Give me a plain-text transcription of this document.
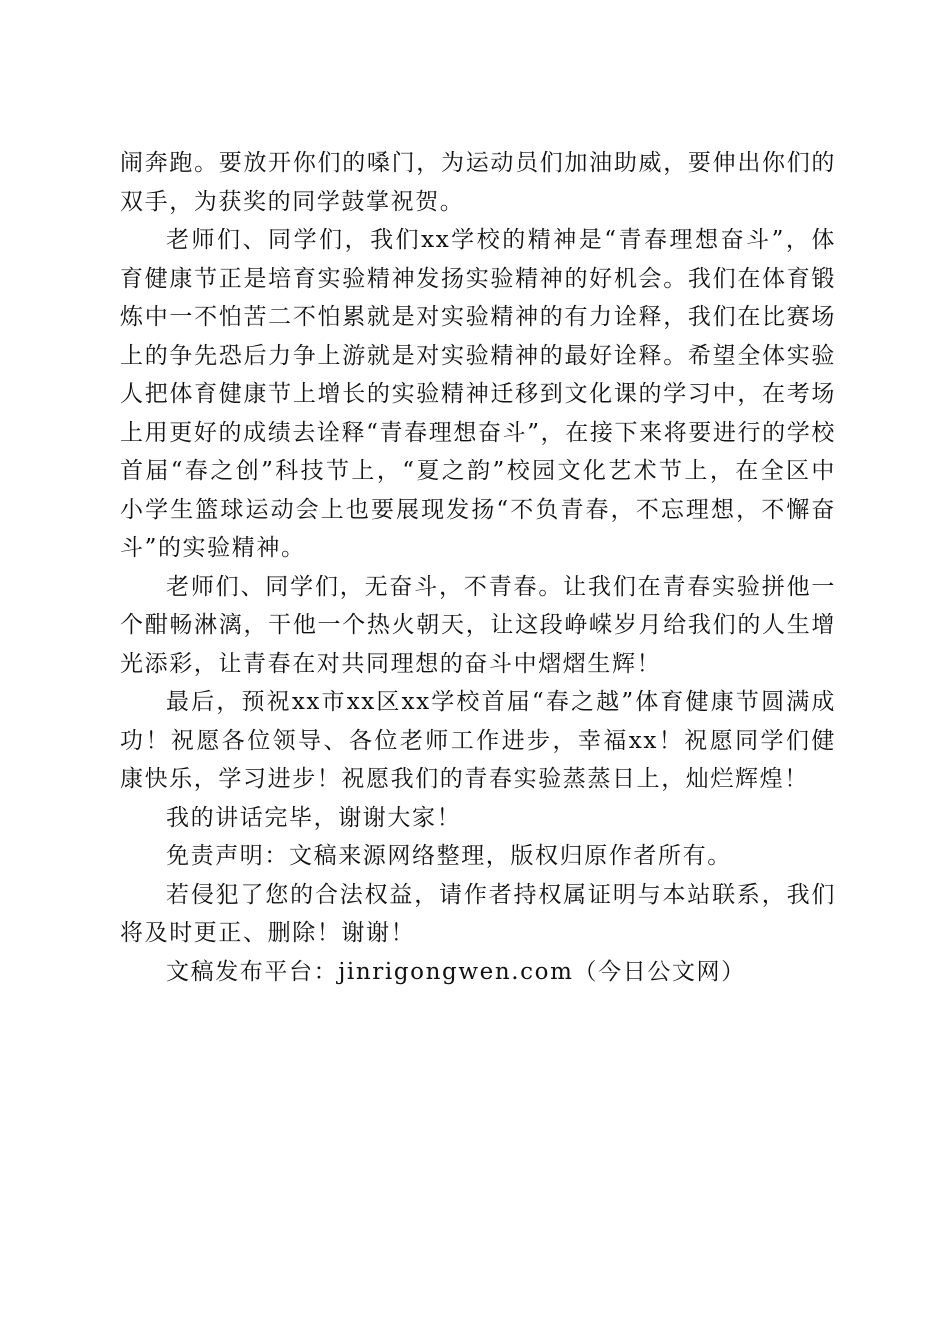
闹奔跑。要放开你们的嗓门，为运动员们加油助威，要伸出你们的双手，为获奖的同学鼓掌祝贺。

老师们、同学们，我们xx学校的精神是“青春理想奋斗”，体育健康节正是培育实验精神发扬实验精神的好机会。我们在体育锻炼中一不怕苦二不怕累就是对实验精神的有力诠释，我们在比赛场上的争先恐后力争上游就是对实验精神的最好诠释。希望全体实验人把体育健康节上增长的实验精神迁移到文化课的学习中，在考场上用更好的成绩去诠释“青春理想奋斗”，在接下来将要进行的学校首届“春之创”科技节上，“夏之韵”校园文化艺术节上，在全区中小学生篮球运动会上也要展现发扬“不负青春，不忘理想，不懈奋斗”的实验精神。

老师们、同学们，无奋斗，不青春。让我们在青春实验拼他一个酣畅淋漓，干他一个热火朝天，让这段峥嵘岁月给我们的人生增光添彩，让青春在对共同理想的奋斗中熠熠生辉！

最后，预祝xx市xx区xx学校首届“春之越”体育健康节圆满成功！祝愿各位领导、各位老师工作进步，幸福xx！祝愿同学们健康快乐，学习进步！祝愿我们的青春实验蒸蒸日上，灿烂辉煌！

我的讲话完毕，谢谢大家！

免责声明：文稿来源网络整理，版权归原作者所有。

若侵犯了您的合法权益，请作者持权属证明与本站联系，我们将及时更正、删除！谢谢！

文稿发布平台：jinrigongwen.com（今日公文网）
